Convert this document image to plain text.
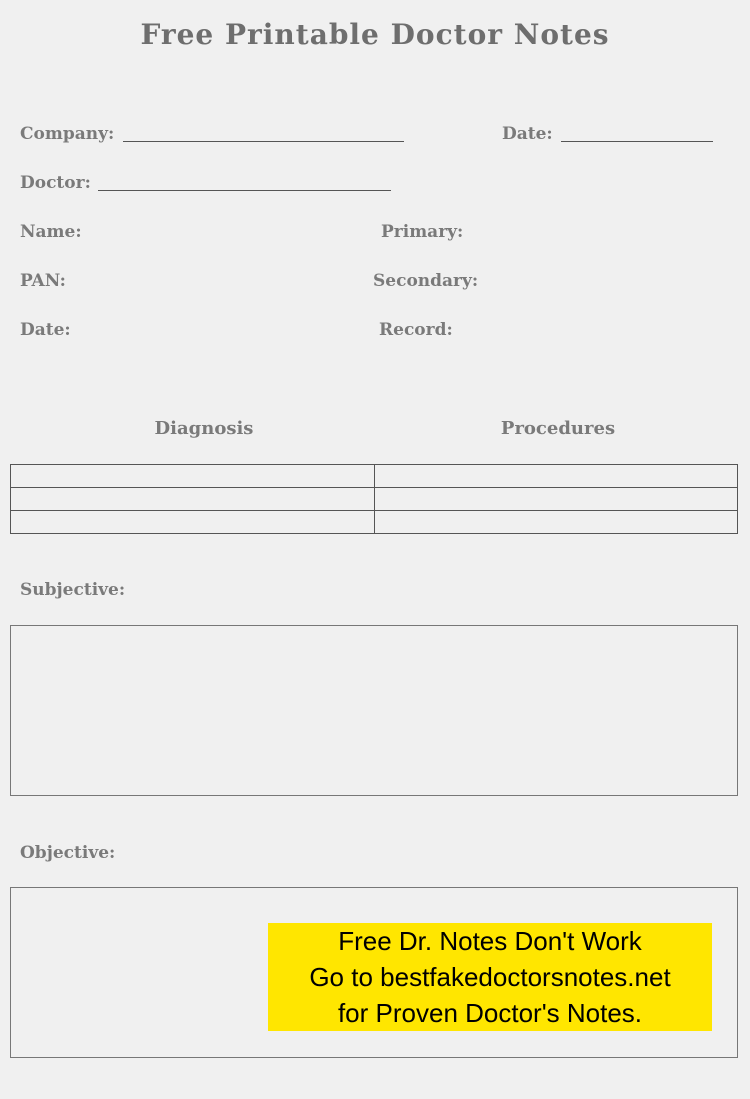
Free Printable Doctor Notes
Company:	Date:
Doctor:
Name:	Primary:
PAN:	Secondary:
Date:	Record:
Diagnosis	Procedures

Subjective:
Objective:
Free Dr. Notes Don't Work
Go to bestfakedoctorsnotes.net
for Proven Doctor's Notes.
